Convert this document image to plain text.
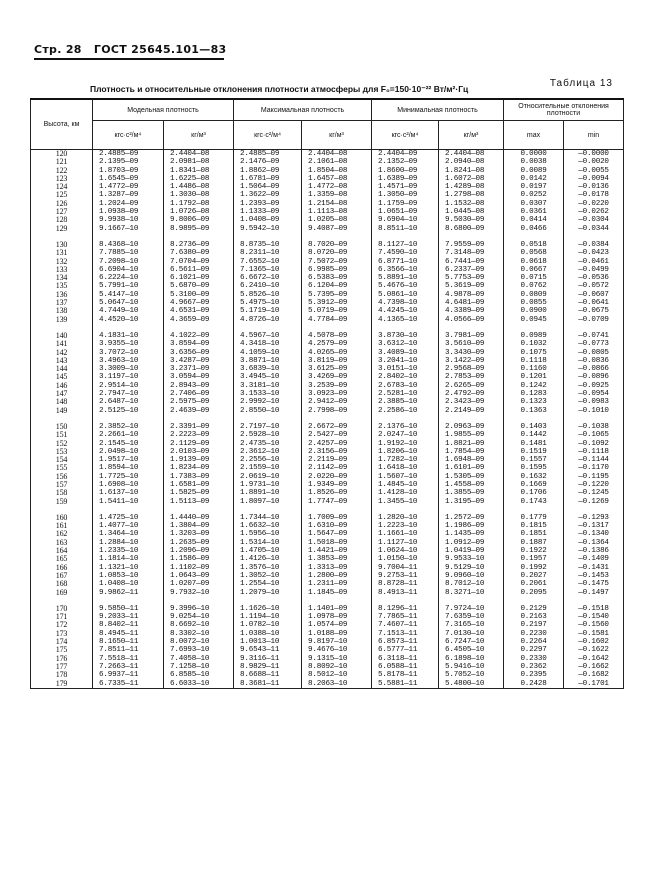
Стр. 28 ГОСТ 25645.101—83
Таблица 13
Плотность и относительные отклонения плотности атмосферы для F₀=150·10⁻²² Вт/м²·Гц
Высота, км	Модельная плотность		Максимальная плотность		Минимальная плотность		Относительные отклонения плотности	
	кгс·с²/м⁴	кг/м³	кгс·с²/м⁴	кг/м³	кгс·с²/м⁴	кг/м³	max	min
120	2.4885—09	2.4404—08	2.4885—09	2.4404—08	2.4404—09	2.4404—08	0.0000	—0.0000
121	2.1395—09	2.0981—08	2.1476—09	2.1061—08	2.1352—09	2.0940—08	0.0038	—0.0020
122	1.8703—09	1.8341—08	1.8862—09	1.8504—08	1.8600—09	1.8241—08	0.0089	—0.0055
123	1.6545—09	1.6225—08	1.6781—09	1.6457—08	1.6389—09	1.6072—08	0.0142	—0.0094
124	1.4772—09	1.4486—08	1.5064—09	1.4772—08	1.4571—09	1.4289—08	0.0197	—0.0136
125	1.3287—09	1.3030—08	1.3622—09	1.3359—08	1.3050—09	1.2798—08	0.0252	—0.0178
126	1.2024—09	1.1792—08	1.2393—09	1.2154—08	1.1759—09	1.1532—08	0.0307	—0.0220
127	1.0938—09	1.0726—08	1.1333—09	1.1113—08	1.0651—09	1.0445—08	0.0361	—0.0262
128	9.9938—10	9.8006—09	1.0408—09	1.0205—08	9.6904—10	9.5030—09	0.0414	—0.0304
129	9.1667—10	8.9895—09	9.5942—10	9.4087—09	8.8511—10	8.6800—09	0.0466	—0.0344

130	8.4368—10	8.2736—09	8.8735—10	8.7020—09	8.1127—10	7.9559—09	0.0518	—0.0384
131	7.7885—10	7.6380—09	8.2311—10	8.0720—09	7.4590—10	7.3148—09	0.0568	—0.0423
132	7.2098—10	7.0704—09	7.6552—10	7.5072—09	6.8771—10	6.7441—09	0.0618	—0.0461
133	6.6904—10	6.5611—09	7.1365—10	6.9985—09	6.3566—10	6.2337—09	0.0667	—0.0499
134	6.2224—10	6.1021—09	6.6672—10	6.5383—09	5.8891—10	5.7753—09	0.0715	—0.0536
135	5.7991—10	5.6870—09	6.2410—10	6.1204—09	5.4676—10	5.3619—09	0.0762	—0.0572
136	5.4147—10	5.3100—09	5.8526—10	5.7395—09	5.0861—10	4.9878—09	0.0809	—0.0607
137	5.0647—10	4.9667—09	5.4975—10	5.3912—09	4.7398—10	4.6481—09	0.0855	—0.0641
138	4.7449—10	4.6531—09	5.1719—10	5.0719—09	4.4245—10	4.3389—09	0.0900	—0.0675
139	4.4520—10	4.3659—09	4.8726—10	4.7784—09	4.1365—10	4.0566—09	0.0945	—0.0709

140	4.1831—10	4.1022—09	4.5967—10	4.5078—09	3.8730—10	3.7981—09	0.0989	—0.0741
141	3.9355—10	3.8594—09	4.3418—10	4.2579—09	3.6312—10	3.5610—09	0.1032	—0.0773
142	3.7072—10	3.6356—09	4.1059—10	4.0265—09	3.4089—10	3.3430—09	0.1075	—0.0805
143	3.4963—10	3.4287—09	3.8871—10	3.8119—09	3.2041—10	3.1422—09	0.1118	—0.0836
144	3.3009—10	3.2371—09	3.6839—10	3.6125—09	3.0151—10	2.9568—09	0.1160	—0.0866
145	3.1197—10	3.0594—09	3.4945—10	3.4269—09	2.8402—10	2.7853—09	0.1201	—0.0896
146	2.9514—10	2.8943—09	3.3181—10	3.2539—09	2.6783—10	2.6265—09	0.1242	—0.0925
147	2.7947—10	2.7406—09	3.1533—10	3.0923—09	2.5281—10	2.4792—09	0.1283	—0.0954
148	2.6487—10	2.5975—09	2.9992—10	2.9412—09	2.3885—10	2.3423—09	0.1323	—0.0983
149	2.5125—10	2.4639—09	2.8550—10	2.7998—09	2.2586—10	2.2149—09	0.1363	—0.1010

150	2.3852—10	2.3391—09	2.7197—10	2.6672—09	2.1376—10	2.0963—09	0.1403	—0.1038
151	2.2661—10	2.2223—09	2.5928—10	2.5427—09	2.0247—10	1.9855—09	0.1442	—0.1065
152	2.1545—10	2.1129—09	2.4735—10	2.4257—09	1.9192—10	1.8821—09	0.1481	—0.1092
153	2.0498—10	2.0103—09	2.3612—10	2.3156—09	1.8206—10	1.7854—09	0.1519	—0.1118
154	1.9517—10	1.9139—09	2.2556—10	2.2119—09	1.7282—10	1.6948—09	0.1557	—0.1144
155	1.8594—10	1.8234—09	2.1559—10	2.1142—09	1.6418—10	1.6101—09	0.1595	—0.1170
156	1.7725—10	1.7383—09	2.0619—10	2.0220—09	1.5607—10	1.5305—09	0.1632	—0.1195
157	1.6908—10	1.6581—09	1.9731—10	1.9349—09	1.4845—10	1.4558—09	0.1669	—0.1220
158	1.6137—10	1.5825—09	1.8891—10	1.8526—09	1.4128—10	1.3855—09	0.1706	—0.1245
159	1.5411—10	1.5113—09	1.8097—10	1.7747—09	1.3455—10	1.3195—09	0.1743	—0.1269

160	1.4725—10	1.4440—09	1.7344—10	1.7009—09	1.2820—10	1.2572—09	0.1779	—0.1293
161	1.4077—10	1.3804—09	1.6632—10	1.6310—09	1.2223—10	1.1986—09	0.1815	—0.1317
162	1.3464—10	1.3203—09	1.5956—10	1.5647—09	1.1661—10	1.1435—09	0.1851	—0.1340
163	1.2884—10	1.2635—09	1.5314—10	1.5018—09	1.1127—10	1.0912—09	0.1887	—0.1364
164	1.2335—10	1.2096—09	1.4705—10	1.4421—09	1.0624—10	1.0419—09	0.1922	—0.1386
165	1.1814—10	1.1586—09	1.4126—10	1.3853—09	1.0150—10	9.9533—10	0.1957	—0.1409
166	1.1321—10	1.1102—09	1.3576—10	1.3313—09	9.7004—11	9.5129—10	0.1992	—0.1431
167	1.0853—10	1.0643—09	1.3052—10	1.2800—09	9.2753—11	9.0960—10	0.2027	—0.1453
168	1.0408—10	1.0207—09	1.2554—10	1.2311—09	8.8728—11	8.7012—10	0.2061	—0.1475
169	9.9862—11	9.7932—10	1.2079—10	1.1845—09	8.4913—11	8.3271—10	0.2095	—0.1497

170	9.5850—11	9.3996—10	1.1626—10	1.1401—09	8.1296—11	7.9724—10	0.2129	—0.1518
171	9.2033—11	9.0254—10	1.1194—10	1.0978—09	7.7865—11	7.6359—10	0.2163	—0.1540
172	8.8402—11	8.6692—10	1.0782—10	1.0574—09	7.4607—11	7.3165—10	0.2197	—0.1560
173	8.4945—11	8.3302—10	1.0388—10	1.0188—09	7.1513—11	7.0130—10	0.2230	—0.1581
174	8.1650—11	8.0072—10	1.0013—10	9.8197—10	6.8573—11	6.7247—10	0.2264	—0.1602
175	7.8511—11	7.6993—10	9.6543—11	9.4676—10	6.5777—11	6.4505—10	0.2297	—0.1622
176	7.5518—11	7.4058—10	9.3116—11	9.1315—10	6.3118—11	6.1898—10	0.2330	—0.1642
177	7.2663—11	7.1258—10	8.9829—11	8.8092—10	6.0588—11	5.9416—10	0.2362	—0.1662
178	6.9937—11	6.8585—10	8.6688—11	8.5012—10	5.8178—11	5.7052—10	0.2395	—0.1682
179	6.7335—11	6.6033—10	8.3681—11	8.2063—10	5.5881—11	5.4800—10	0.2428	—0.1701
